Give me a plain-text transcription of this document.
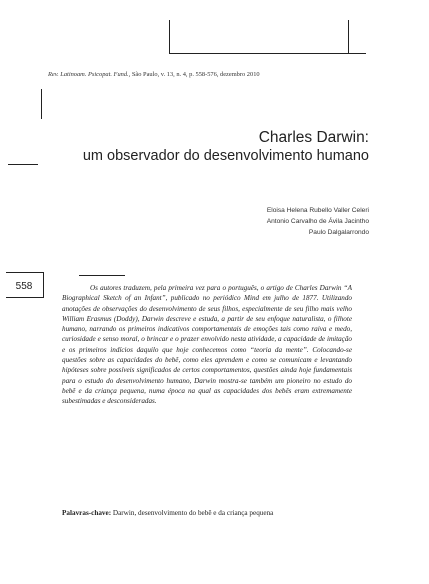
Rev. Latinoam. Psicopat. Fund., São Paulo, v. 13, n. 4, p. 558-576, dezembro 2010
Charles Darwin:
um observador do desenvolvimento humano
Eloisa Helena Rubello Valler Celeri
Antonio Carvalho de Ávila Jacintho
Paulo Dalgalarrondo
558	Os autores traduzem, pela primeira vez para o português, o artigo de Charles Darwin “A Biographical Sketch of an Infant”, publicado no periódico Mind em julho de 1877. Utilizando anotações de observações do desenvolvimento de seus filhos, especialmente de seu filho mais velho William Erasmus (Doddy), Darwin descreve e estuda, a partir de seu enfoque naturalista, o filhote humano, narrando os primeiros indicativos comportamentais de emoções tais como raiva e medo, curiosidade e senso moral, o brincar e o prazer envolvido nesta atividade, a capacidade de imitação e os primeiros indícios daquilo que hoje conhecemos como “teoria da mente”. Colocando-se questões sobre as capacidades do bebê, como eles aprendem e como se comunicam e levantando hipóteses sobre possíveis significados de certos comportamentos, questões ainda hoje fundamentais para o estudo do desenvolvimento humano, Darwin mostra-se também um pioneiro no estudo do bebê e da criança pequena, numa época na qual as capacidades dos bebês eram extremamente subestimadas e desconsideradas.

Palavras-chave: Darwin, desenvolvimento do bebê e da criança pequena
